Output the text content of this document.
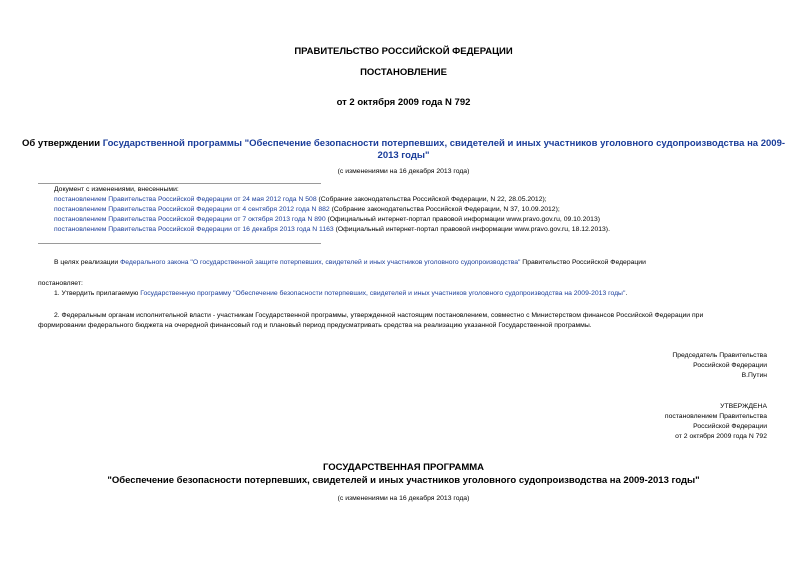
ПРАВИТЕЛЬСТВО РОССИЙСКОЙ ФЕДЕРАЦИИ
ПОСТАНОВЛЕНИЕ
от 2 октября 2009 года N 792
Об утверждении Государственной программы "Обеспечение безопасности потерпевших, свидетелей и иных участников уголовного судопроизводства на 2009-
2013 годы"
(с изменениями на 16 декабря 2013 года)

Документ с изменениями, внесенными:

постановлением Правительства Российской Федерации от 24 мая 2012 года N 508 (Собрание законодательства Российской Федерации, N 22, 28.05.2012);

постановлением Правительства Российской Федерации от 4 сентября 2012 года N 882 (Собрание законодательства Российской Федерации, N 37, 10.09.2012);

постановлением Правительства Российской Федерации от 7 октября 2013 года N 890 (Официальный интернет-портал правовой информации www.pravo.gov.ru, 09.10.2013)

постановлением Правительства Российской Федерации от 16 декабря 2013 года N 1163 (Официальный интернет-портал правовой информации www.pravo.gov.ru, 18.12.2013).

В целях реализации Федерального закона "О государственной защите потерпевших, свидетелей и иных участников уголовного судопроизводства" Правительство Российской Федерации
постановляет:
1. Утвердить прилагаемую Государственную программу "Обеспечение безопасности потерпевших, свидетелей и иных участников уголовного судопроизводства на 2009-2013 годы".

2. Федеральным органам исполнительной власти - участникам Государственной программы, утвержденной настоящим постановлением, совместно с Министерством финансов Российской Федерации при

формировании федерального бюджета на очередной финансовый год и плановый период предусматривать средства на реализацию указанной Государственной программы.

Председатель Правительства

Российской Федерации

В.Путин

УТВЕРЖДЕНА

постановлением Правительства

Российской Федерации

от 2 октября 2009 года N 792

ГОСУДАРСТВЕННАЯ ПРОГРАММА
"Обеспечение безопасности потерпевших, свидетелей и иных участников уголовного судопроизводства на 2009-2013 годы"
(с изменениями на 16 декабря 2013 года)
